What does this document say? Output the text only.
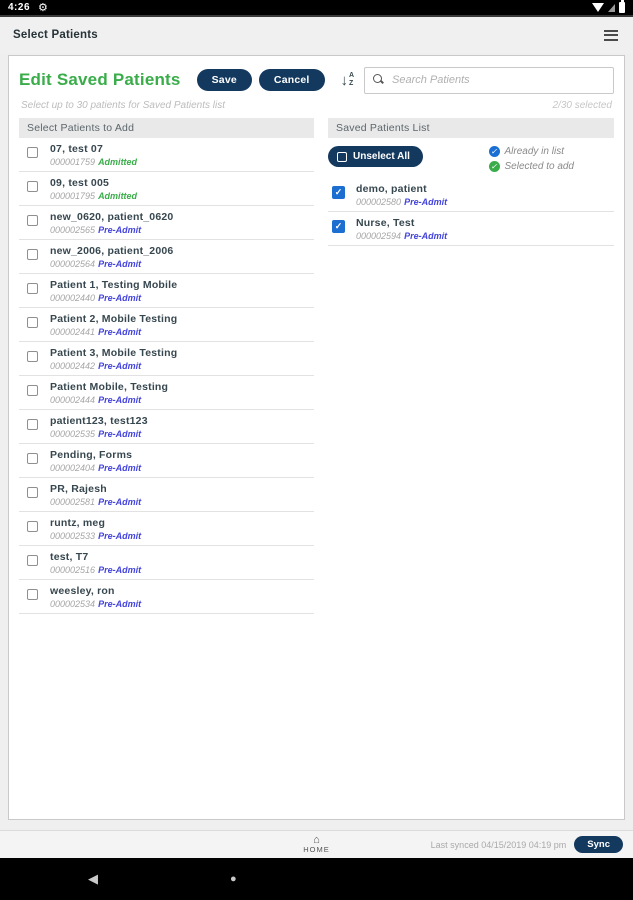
4:26
⚙
Select Patients
Edit Saved Patients	Save	Cancel	↓ A
Z
Search Patients
Select up to 30 patients for Saved Patients list	2/30 selected
Select Patients to Add
07, test 07
000001759 Admitted
09, test 005
000001795 Admitted
new_0620, patient_0620
000002565 Pre-Admit
new_2006, patient_2006
000002564 Pre-Admit
Patient 1, Testing Mobile
000002440 Pre-Admit
Patient 2, Mobile Testing
000002441 Pre-Admit
Patient 3, Mobile Testing
000002442 Pre-Admit
Patient Mobile, Testing
000002444 Pre-Admit
patient123, test123
000002535 Pre-Admit
Pending, Forms
000002404 Pre-Admit
PR, Rajesh
000002581 Pre-Admit
runtz, meg
000002533 Pre-Admit
test, T7
000002516 Pre-Admit
weesley, ron
000002534 Pre-Admit
Saved Patients List
Unselect All ✓	Already in list
✓
Selected to add
✓
demo, patient
000002580 Pre-Admit
✓
Nurse, Test
000002594 Pre-Admit
⌂
HOME
Last synced 04/15/2019 04:19 pm	Sync
◀
●
